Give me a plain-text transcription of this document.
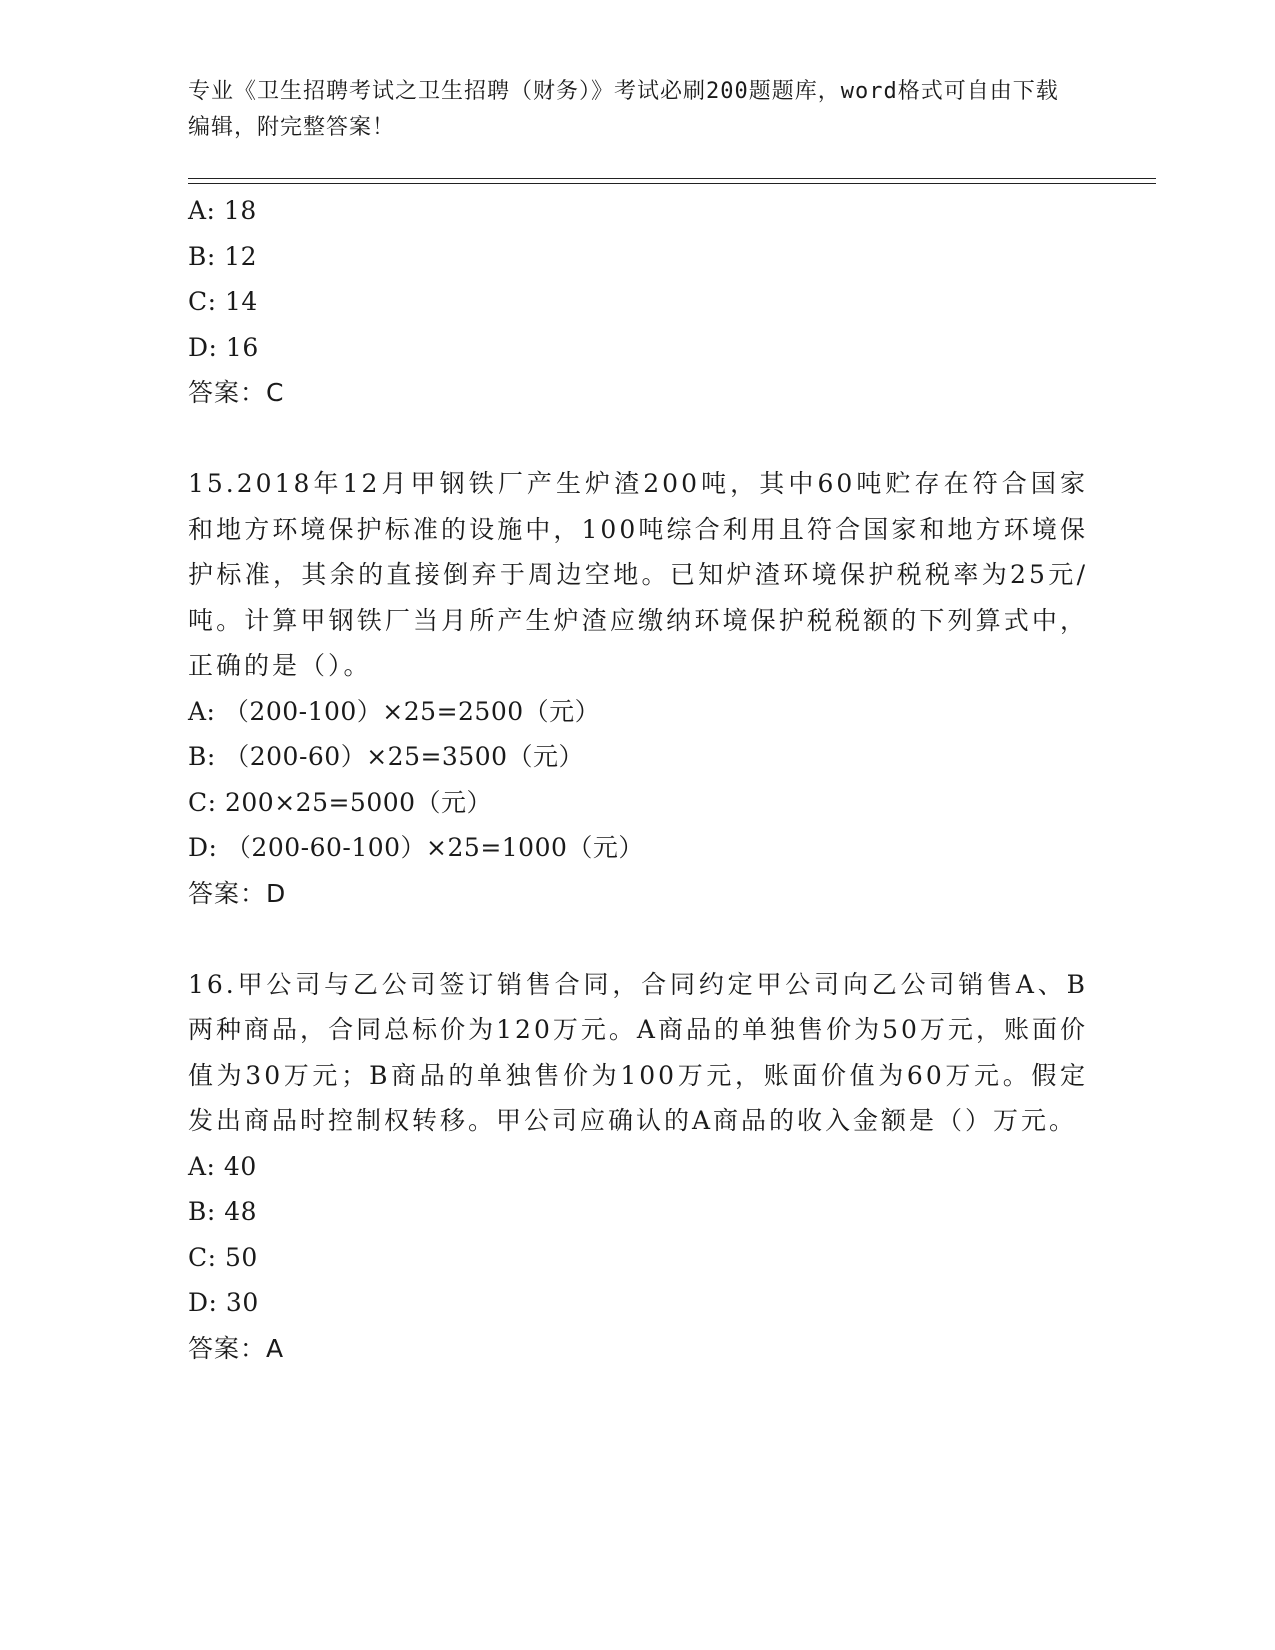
专业《卫生招聘考试之卫生招聘（财务）》考试必刷200题题库，word格式可自由下载编辑，附完整答案！
A: 18
B: 12
C: 14
D: 16
答案：C
15.2018年12月甲钢铁厂产生炉渣200吨，其中60吨贮存在符合国家和地方环境保护标准的设施中，100吨综合利用且符合国家和地方环境保护标准，其余的直接倒弃于周边空地。已知炉渣环境保护税税率为25元/吨。计算甲钢铁厂当月所产生炉渣应缴纳环境保护税税额的下列算式中，正确的是（）。
A: （200-100）×25=2500（元）
B: （200-60）×25=3500（元）
C: 200×25=5000（元）
D: （200-60-100）×25=1000（元）
答案：D
16.甲公司与乙公司签订销售合同，合同约定甲公司向乙公司销售A、B两种商品，合同总标价为120万元。A商品的单独售价为50万元，账面价值为30万元；B商品的单独售价为100万元，账面价值为60万元。假定发出商品时控制权转移。甲公司应确认的A商品的收入金额是（）万元。
A: 40
B: 48
C: 50
D: 30
答案：A
